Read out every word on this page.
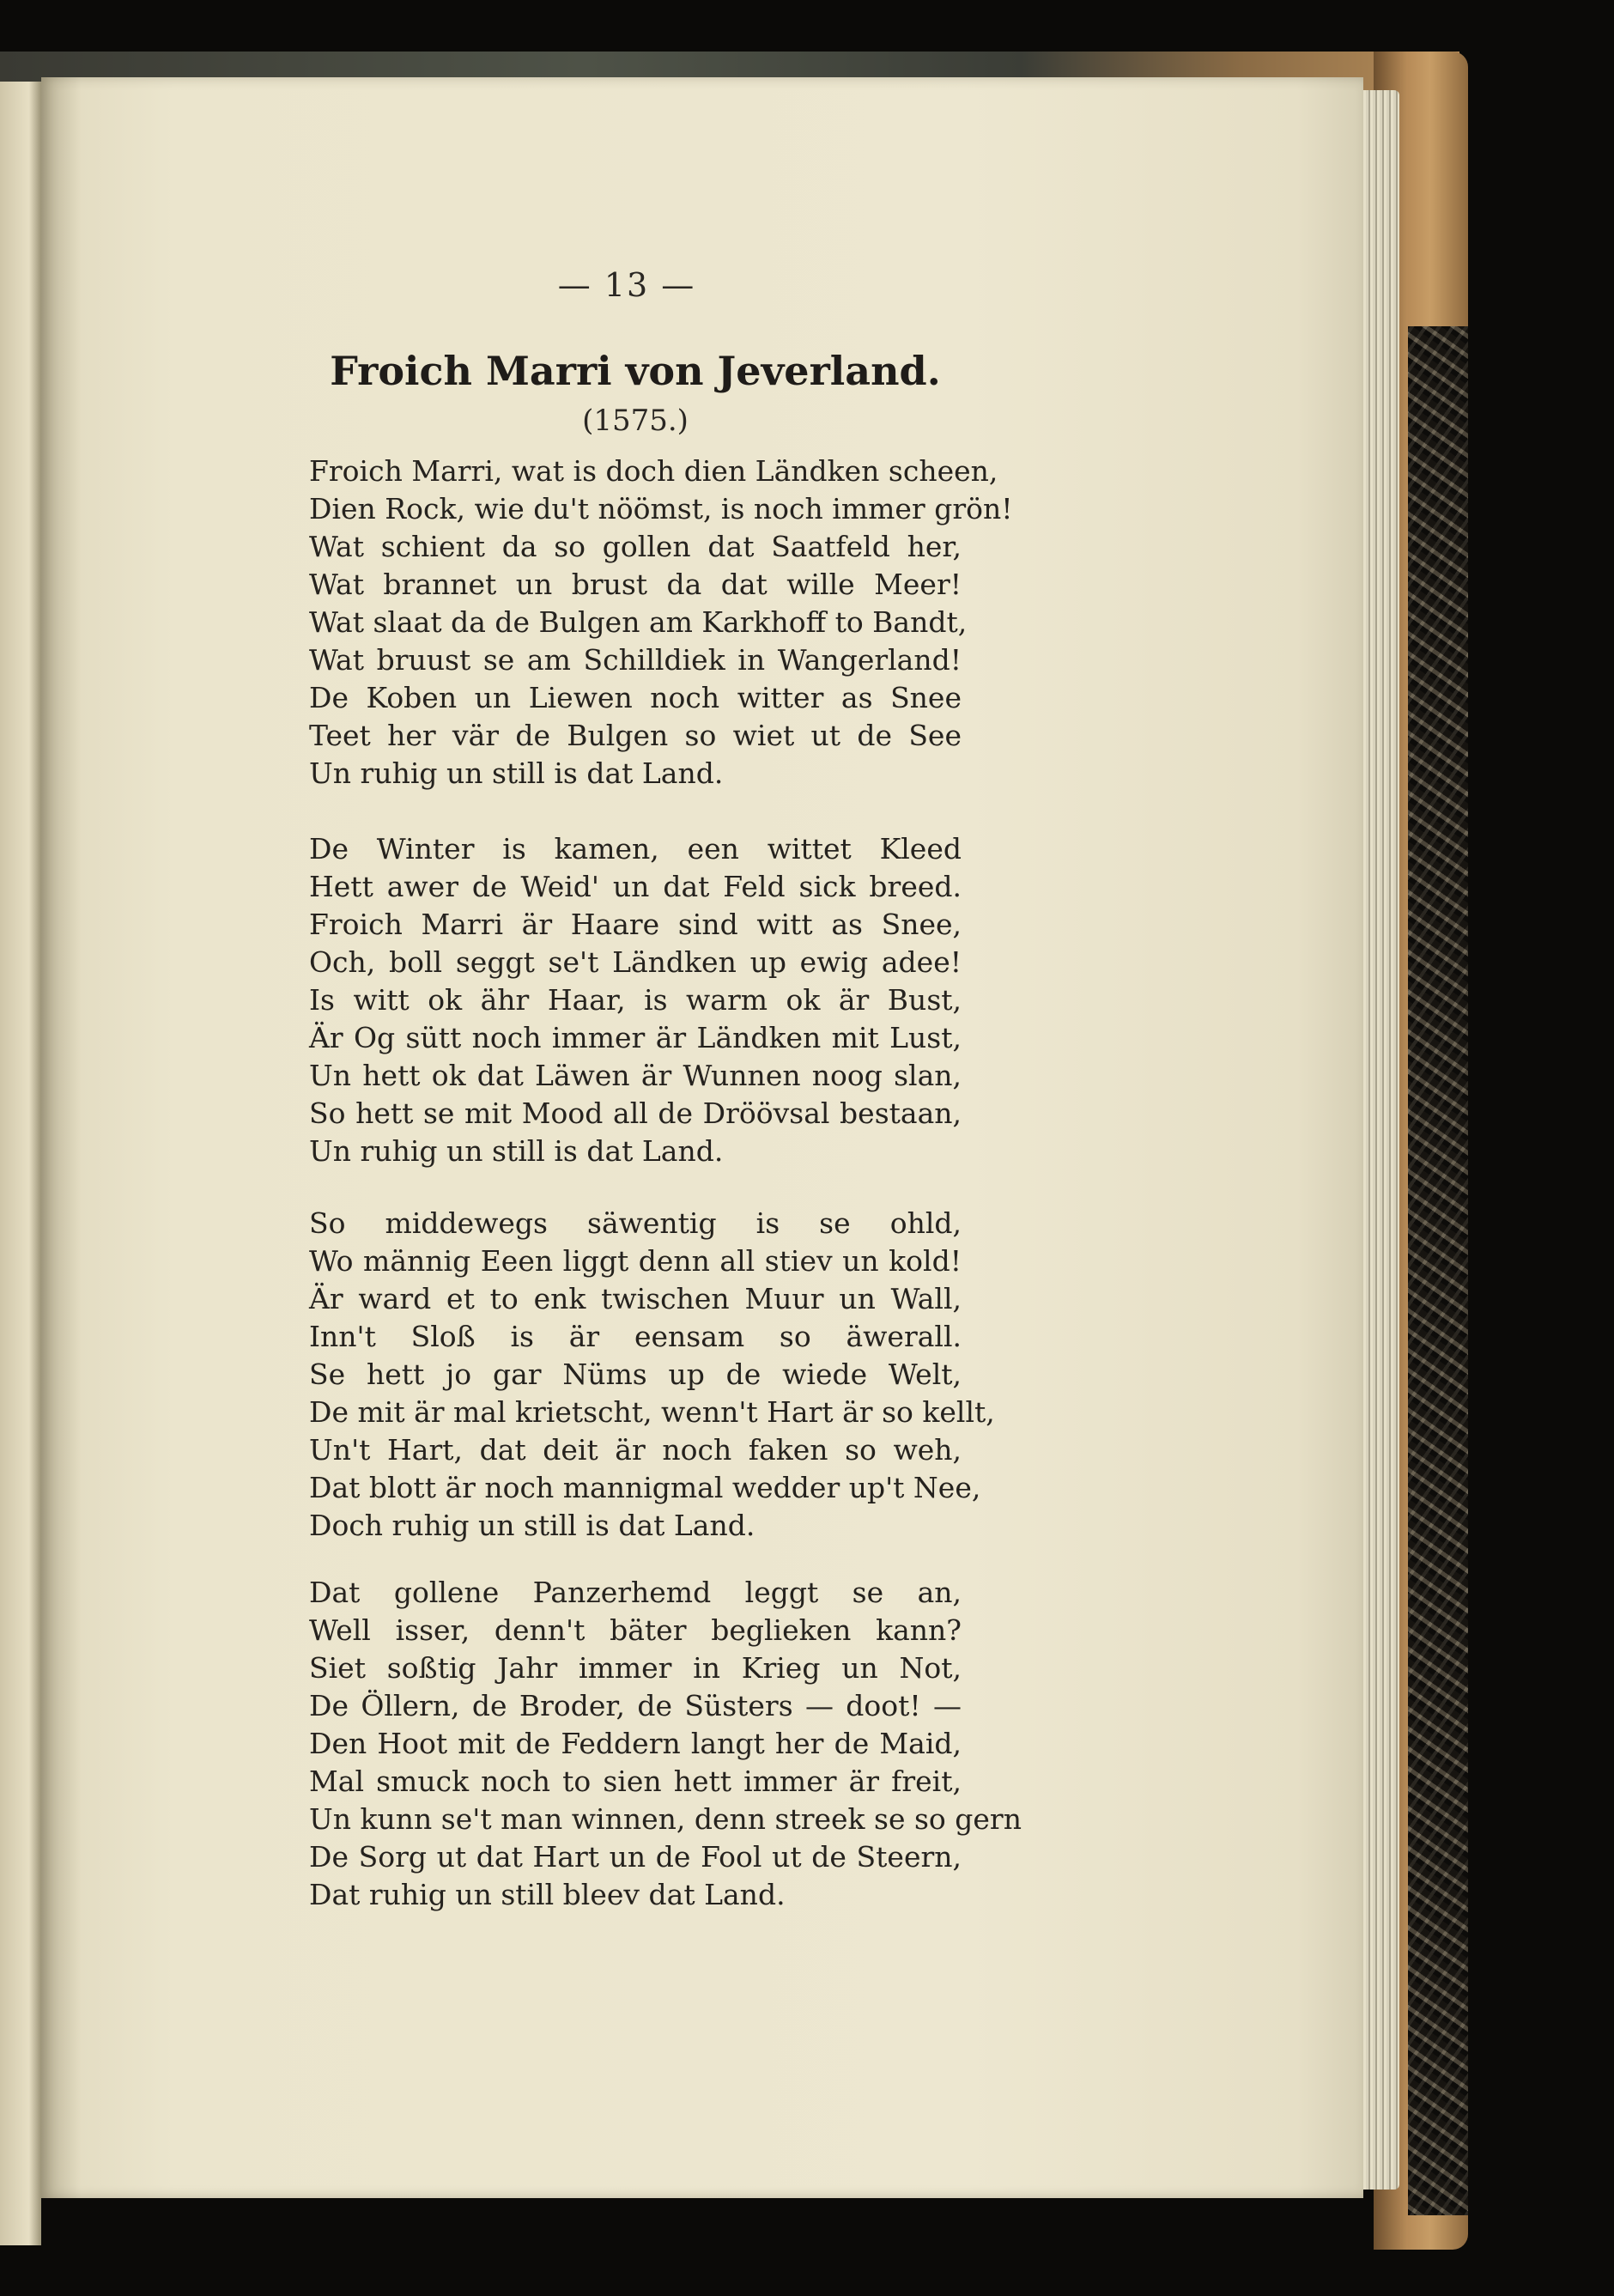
— 13 —
Froich Marri von Jeverland.
(1575.)
Froich Marri, wat is doch dien Ländken scheen,
Dien Rock, wie du't nöömst, is noch immer grön!
Wat schient da so gollen dat Saatfeld her,
Wat brannet un brust da dat wille Meer!
Wat slaat da de Bulgen am Karkhoff to Bandt,
Wat bruust se am Schilldiek in Wangerland!
De Koben un Liewen noch witter as Snee
Teet her vär de Bulgen so wiet ut de See
Un ruhig un still is dat Land.
De Winter is kamen, een wittet Kleed
Hett awer de Weid' un dat Feld sick breed.
Froich Marri är Haare sind witt as Snee,
Och, boll seggt se't Ländken up ewig adee!
Is witt ok ähr Haar, is warm ok är Bust,
Är Og sütt noch immer är Ländken mit Lust,
Un hett ok dat Läwen är Wunnen noog slan,
So hett se mit Mood all de Dröövsal bestaan,
Un ruhig un still is dat Land.
So middewegs säwentig is se ohld,
Wo männig Eeen liggt denn all stiev un kold!
Är ward et to enk twischen Muur un Wall,
Inn't Sloß is är eensam so äwerall.
Se hett jo gar Nüms up de wiede Welt,
De mit är mal krietscht, wenn't Hart är so kellt,
Un't Hart, dat deit är noch faken so weh,
Dat blott är noch mannigmal wedder up't Nee,
Doch ruhig un still is dat Land.
Dat gollene Panzerhemd leggt se an,
Well isser, denn't bäter beglieken kann?
Siet soßtig Jahr immer in Krieg un Not,
De Öllern, de Broder, de Süsters — doot! —
Den Hoot mit de Feddern langt her de Maid,
Mal smuck noch to sien hett immer är freit,
Un kunn se't man winnen, denn streek se so gern
De Sorg ut dat Hart un de Fool ut de Steern,
Dat ruhig un still bleev dat Land.
